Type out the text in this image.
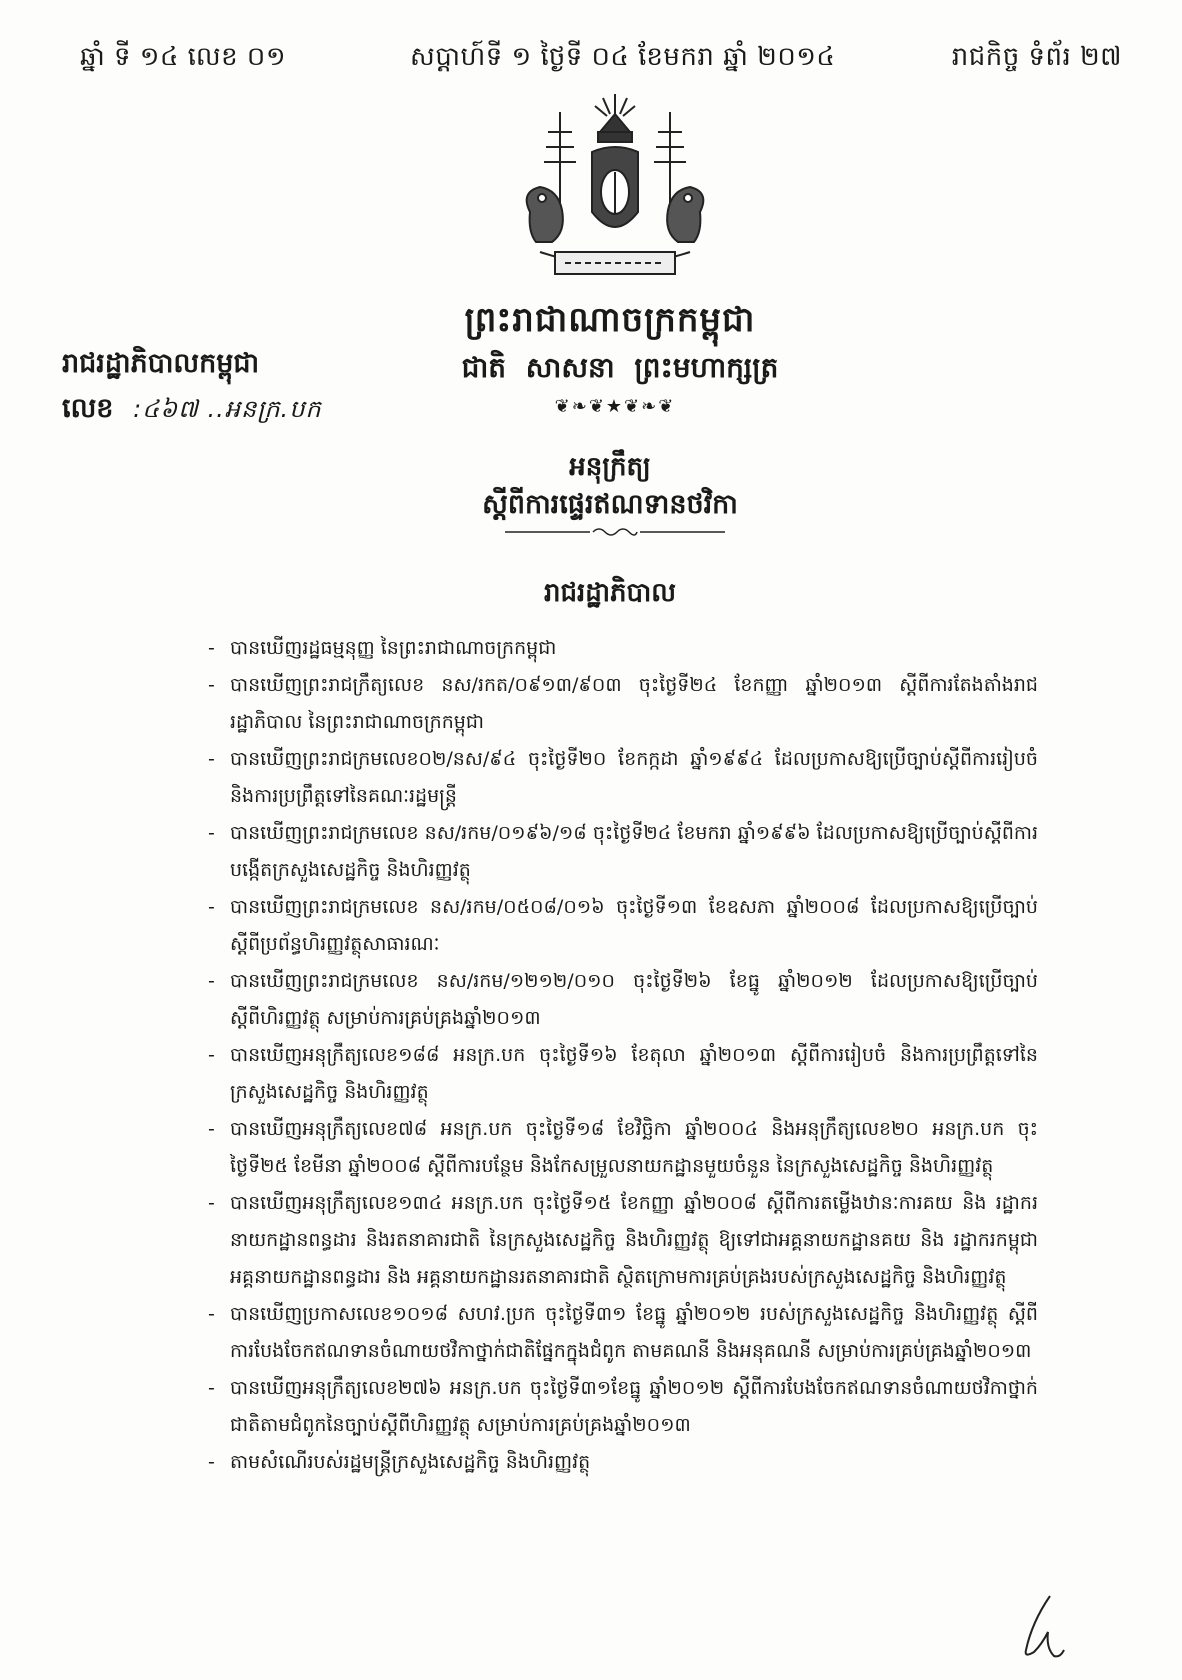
ឆ្នាំ ទី ១៤ លេខ ០១	សប្តាហ៍ទី ១ ថ្ងៃទី ០៤ ខែមករា ឆ្នាំ ២០១៤	រាជកិច្ច ទំព័រ ២៧
ព្រះរាជាណាចក្រកម្ពុជា
ជាតិ សាសនា ព្រះមហាក្សត្រ
❦❧❦★❦❧❦
រាជរដ្ឋាភិបាលកម្ពុជា
លេខ :៤៦៧ ..អនក្រ.បក
អនុក្រឹត្យ
ស្តីពីការផ្ទេរឥណទានថវិកា
រាជរដ្ឋាភិបាល
- បានឃើញរដ្ឋធម្មនុញ្ញ នៃព្រះរាជាណាចក្រកម្ពុជា
- បានឃើញព្រះរាជក្រឹត្យលេខ នស/រកត/០៩១៣/៩០៣ ចុះថ្ងៃទី២៤ ខែកញ្ញា ឆ្នាំ២០១៣ ស្តីពីការតែងតាំងរាជរដ្ឋាភិបាល នៃព្រះរាជាណាចក្រកម្ពុជា
- បានឃើញព្រះរាជក្រមលេខ០២/នស/៩៤ ចុះថ្ងៃទី២០ ខែកក្កដា ឆ្នាំ១៩៩៤ ដែលប្រកាសឱ្យប្រើច្បាប់ស្តីពីការរៀបចំ និងការប្រព្រឹត្តទៅនៃគណៈរដ្ឋមន្ត្រី
- បានឃើញព្រះរាជក្រមលេខ នស/រកម/០១៩៦/១៨ ចុះថ្ងៃទី២៤ ខែមករា ឆ្នាំ១៩៩៦ ដែលប្រកាសឱ្យប្រើច្បាប់ស្តីពីការបង្កើតក្រសួងសេដ្ឋកិច្ច និងហិរញ្ញវត្ថុ
- បានឃើញព្រះរាជក្រមលេខ នស/រកម/០៥០៨/០១៦ ចុះថ្ងៃទី១៣ ខែឧសភា ឆ្នាំ២០០៨ ដែលប្រកាសឱ្យប្រើច្បាប់ស្តីពីប្រព័ន្ធហិរញ្ញវត្ថុសាធារណៈ
- បានឃើញព្រះរាជក្រមលេខ នស/រកម/១២១២/០១០ ចុះថ្ងៃទី២៦ ខែធ្នូ ឆ្នាំ២០១២ ដែលប្រកាសឱ្យប្រើច្បាប់ស្តីពីហិរញ្ញវត្ថុ សម្រាប់ការគ្រប់គ្រងឆ្នាំ២០១៣
- បានឃើញអនុក្រឹត្យលេខ១៨៨ អនក្រ.បក ចុះថ្ងៃទី១៦ ខែតុលា ឆ្នាំ២០១៣ ស្តីពីការរៀបចំ និងការប្រព្រឹត្តទៅនៃក្រសួងសេដ្ឋកិច្ច និងហិរញ្ញវត្ថុ
- បានឃើញអនុក្រឹត្យលេខ៧៨ អនក្រ.បក ចុះថ្ងៃទី១៨ ខែវិច្ឆិកា ឆ្នាំ២០០៤ និងអនុក្រឹត្យលេខ២០ អនក្រ.បក ចុះថ្ងៃទី២៥ ខែមីនា ឆ្នាំ២០០៨ ស្តីពីការបន្ថែម និងកែសម្រួលនាយកដ្ឋានមួយចំនួន នៃក្រសួងសេដ្ឋកិច្ច និងហិរញ្ញវត្ថុ
- បានឃើញអនុក្រឹត្យលេខ១៣៤ អនក្រ.បក ចុះថ្ងៃទី១៥ ខែកញ្ញា ឆ្នាំ២០០៨ ស្តីពីការតម្លើងឋានៈការគយ និង រដ្ឋាករ នាយកដ្ឋានពន្ធដារ និងរតនាគារជាតិ នៃក្រសួងសេដ្ឋកិច្ច និងហិរញ្ញវត្ថុ ឱ្យទៅជាអគ្គនាយកដ្ឋានគយ និង រដ្ឋាករកម្ពុជា អគ្គនាយកដ្ឋានពន្ធដារ និង អគ្គនាយកដ្ឋានរតនាគារជាតិ ស្ថិតក្រោមការគ្រប់គ្រងរបស់ក្រសួងសេដ្ឋកិច្ច និងហិរញ្ញវត្ថុ
- បានឃើញប្រកាសលេខ១០១៨ សហវ.ប្រក ចុះថ្ងៃទី៣១ ខែធ្នូ ឆ្នាំ២០១២ របស់ក្រសួងសេដ្ឋកិច្ច និងហិរញ្ញវត្ថុ ស្តីពីការបែងចែកឥណទានចំណាយថវិកាថ្នាក់ជាតិផ្នែកក្នុងជំពូក តាមគណនី និងអនុគណនី សម្រាប់ការគ្រប់គ្រងឆ្នាំ២០១៣
- បានឃើញអនុក្រឹត្យលេខ២៧៦ អនក្រ.បក ចុះថ្ងៃទី៣១ខែធ្នូ ឆ្នាំ២០១២ ស្តីពីការបែងចែកឥណទានចំណាយថវិកាថ្នាក់ជាតិតាមជំពូកនៃច្បាប់ស្តីពីហិរញ្ញវត្ថុ សម្រាប់ការគ្រប់គ្រងឆ្នាំ២០១៣
- តាមសំណើរបស់រដ្ឋមន្ត្រីក្រសួងសេដ្ឋកិច្ច និងហិរញ្ញវត្ថុ
